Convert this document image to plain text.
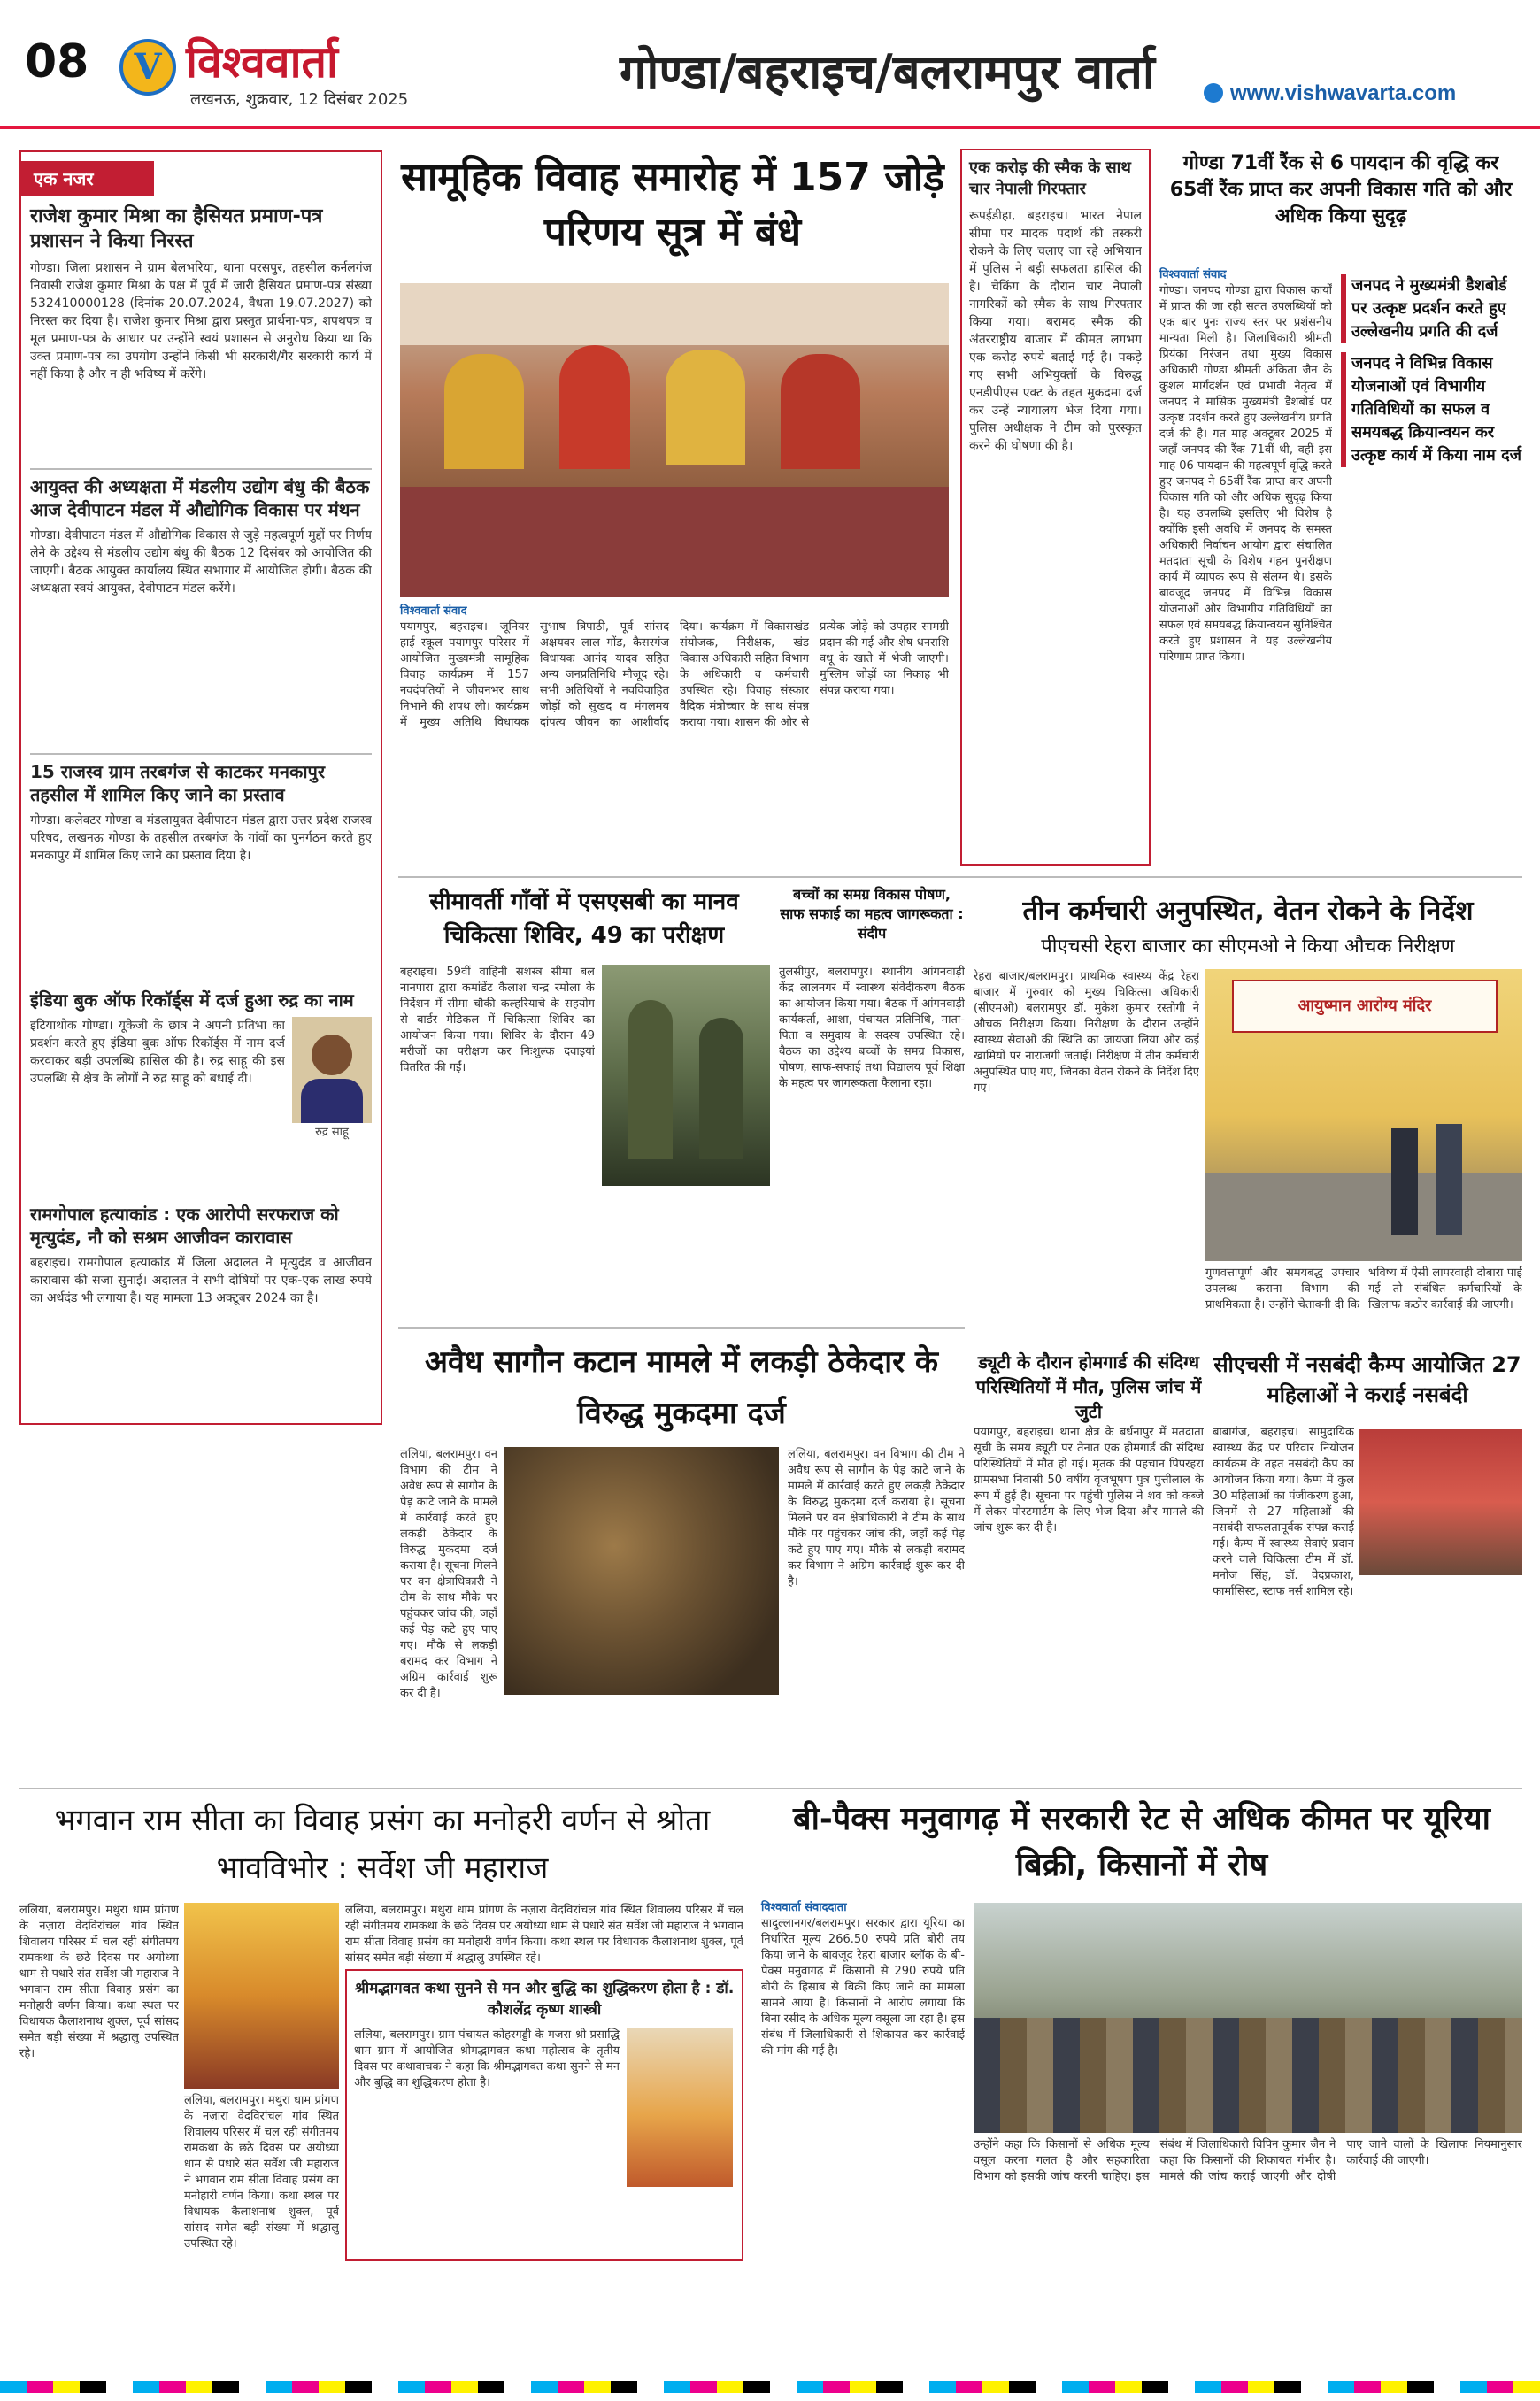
08	V विश्ववार्ता
लखनऊ, शुक्रवार, 12 दिसंबर 2025	गोण्डा/बहराइच/बलरामपुर वार्ता	www.vishwavarta.com
एक नजर
राजेश कुमार मिश्रा का हैसियत प्रमाण-पत्र प्रशासन ने किया निरस्त
गोण्डा। जिला प्रशासन ने ग्राम बेलभरिया, थाना परसपुर, तहसील कर्नलगंज निवासी राजेश कुमार मिश्रा के पक्ष में पूर्व में जारी हैसियत प्रमाण-पत्र संख्या 532410000128 (दिनांक 20.07.2024, वैधता 19.07.2027) को निरस्त कर दिया है। राजेश कुमार मिश्रा द्वारा प्रस्तुत प्रार्थना-पत्र, शपथपत्र व मूल प्रमाण-पत्र के आधार पर उन्होंने स्वयं प्रशासन से अनुरोध किया था कि उक्त प्रमाण-पत्र का उपयोग उन्होंने किसी भी सरकारी/गैर सरकारी कार्य में नहीं किया है और न ही भविष्य में करेंगे।
आयुक्त की अध्यक्षता में मंडलीय उद्योग बंधु की बैठक आज देवीपाटन मंडल में औद्योगिक विकास पर मंथन
गोण्डा। देवीपाटन मंडल में औद्योगिक विकास से जुड़े महत्वपूर्ण मुद्दों पर निर्णय लेने के उद्देश्य से मंडलीय उद्योग बंधु की बैठक 12 दिसंबर को आयोजित की जाएगी। बैठक आयुक्त कार्यालय स्थित सभागार में आयोजित होगी। बैठक की अध्यक्षता स्वयं आयुक्त, देवीपाटन मंडल करेंगे।
15 राजस्व ग्राम तरबगंज से काटकर मनकापुर तहसील में शामिल किए जाने का प्रस्ताव
गोण्डा। कलेक्टर गोण्डा व मंडलायुक्त देवीपाटन मंडल द्वारा उत्तर प्रदेश राजस्व परिषद, लखनऊ गोण्डा के तहसील तरबगंज के गांवों का पुनर्गठन करते हुए मनकापुर में शामिल किए जाने का प्रस्ताव दिया है।
इंडिया बुक ऑफ रिकॉर्ड्स में दर्ज हुआ रुद्र का नाम
इटियाथोक गोण्डा। यूकेजी के छात्र ने अपनी प्रतिभा का प्रदर्शन करते हुए इंडिया बुक ऑफ रिकॉर्ड्स में नाम दर्ज करवाकर बड़ी उपलब्धि हासिल की है। रुद्र साहू की इस उपलब्धि से क्षेत्र के लोगों ने रुद्र साहू को बधाई दी।
रुद्र साहू
रामगोपाल हत्याकांड : एक आरोपी सरफराज को मृत्युदंड, नौ को सश्रम आजीवन कारावास
बहराइच। रामगोपाल हत्याकांड में जिला अदालत ने मृत्युदंड व आजीवन कारावास की सजा सुनाई। अदालत ने सभी दोषियों पर एक-एक लाख रुपये का अर्थदंड भी लगाया है। यह मामला 13 अक्टूबर 2024 का है।
सामूहिक विवाह समारोह में 157 जोड़े परिणय सूत्र में बंधे
विश्ववार्ता संवाद
पयागपुर, बहराइच। जूनियर हाई स्कूल पयागपुर परिसर में आयोजित मुख्यमंत्री सामूहिक विवाह कार्यक्रम में 157 नवदंपतियों ने जीवनभर साथ निभाने की शपथ ली। कार्यक्रम में मुख्य अतिथि विधायक सुभाष त्रिपाठी, पूर्व सांसद अक्षयवर लाल गोंड, कैसरगंज विधायक आनंद यादव सहित अन्य जनप्रतिनिधि मौजूद रहे। सभी अतिथियों ने नवविवाहित जोड़ों को सुखद व मंगलमय दांपत्य जीवन का आशीर्वाद दिया। कार्यक्रम में विकासखंड संयोजक, निरीक्षक, खंड विकास अधिकारी सहित विभाग के अधिकारी व कर्मचारी उपस्थित रहे। विवाह संस्कार वैदिक मंत्रोच्चार के साथ संपन्न कराया गया। शासन की ओर से प्रत्येक जोड़े को उपहार सामग्री प्रदान की गई और शेष धनराशि वधू के खाते में भेजी जाएगी। मुस्लिम जोड़ों का निकाह भी संपन्न कराया गया।
एक करोड़ की स्मैक के साथ चार नेपाली गिरफ्तार
रूपईडीहा, बहराइच। भारत नेपाल सीमा पर मादक पदार्थ की तस्करी रोकने के लिए चलाए जा रहे अभियान में पुलिस ने बड़ी सफलता हासिल की है। चेकिंग के दौरान चार नेपाली नागरिकों को स्मैक के साथ गिरफ्तार किया गया। बरामद स्मैक की अंतरराष्ट्रीय बाजार में कीमत लगभग एक करोड़ रुपये बताई गई है। पकड़े गए सभी अभियुक्तों के विरुद्ध एनडीपीएस एक्ट के तहत मुकदमा दर्ज कर उन्हें न्यायालय भेज दिया गया। पुलिस अधीक्षक ने टीम को पुरस्कृत करने की घोषणा की है।
गोण्डा 71वीं रैंक से 6 पायदान की वृद्धि कर 65वीं रैंक प्राप्त कर अपनी विकास गति को और अधिक किया सुदृढ़
विश्ववार्ता संवाद
गोण्डा। जनपद गोण्डा द्वारा विकास कार्यों में प्राप्त की जा रही सतत उपलब्धियों को एक बार पुनः राज्य स्तर पर प्रशंसनीय मान्यता मिली है। जिलाधिकारी श्रीमती प्रियंका निरंजन तथा मुख्य विकास अधिकारी गोण्डा श्रीमती अंकिता जैन के कुशल मार्गदर्शन एवं प्रभावी नेतृत्व में जनपद ने मासिक मुख्यमंत्री डैशबोर्ड पर उत्कृष्ट प्रदर्शन करते हुए उल्लेखनीय प्रगति दर्ज की है। गत माह अक्टूबर 2025 में जहाँ जनपद की रैंक 71वीं थी, वहीं इस माह 06 पायदान की महत्वपूर्ण वृद्धि करते हुए जनपद ने 65वीं रैंक प्राप्त कर अपनी विकास गति को और अधिक सुदृढ़ किया है। यह उपलब्धि इसलिए भी विशेष है क्योंकि इसी अवधि में जनपद के समस्त अधिकारी निर्वाचन आयोग द्वारा संचालित मतदाता सूची के विशेष गहन पुनरीक्षण कार्य में व्यापक रूप से संलग्न थे। इसके बावजूद जनपद में विभिन्न विकास योजनाओं और विभागीय गतिविधियों का सफल एवं समयबद्ध क्रियान्वयन सुनिश्चित करते हुए प्रशासन ने यह उल्लेखनीय परिणाम प्राप्त किया।
जनपद ने मुख्यमंत्री डैशबोर्ड पर उत्कृष्ट प्रदर्शन करते हुए उल्लेखनीय प्रगति की दर्ज
जनपद ने विभिन्न विकास योजनाओं एवं विभागीय गतिविधियों का सफल व समयबद्ध क्रियान्वयन कर उत्कृष्ट कार्य में किया नाम दर्ज
सीमावर्ती गाँवों में एसएसबी का मानव चिकित्सा शिविर, 49 का परीक्षण
बहराइच। 59वीं वाहिनी सशस्त्र सीमा बल नानपारा द्वारा कमांडेंट कैलाश चन्द्र रमोला के निर्देशन में सीमा चौकी कल्हरियाचे के सहयोग से बार्डर मेडिकल में चिकित्सा शिविर का आयोजन किया गया। शिविर के दौरान 49 मरीजों का परीक्षण कर निःशुल्क दवाइयां वितरित की गईं।
बच्चों का समग्र विकास पोषण, साफ सफाई का महत्व जागरूकता : संदीप
तुलसीपुर, बलरामपुर। स्थानीय आंगनवाड़ी केंद्र लालनगर में स्वास्थ्य संवेदीकरण बैठक का आयोजन किया गया। बैठक में आंगनवाड़ी कार्यकर्ता, आशा, पंचायत प्रतिनिधि, माता-पिता व समुदाय के सदस्य उपस्थित रहे। बैठक का उद्देश्य बच्चों के समग्र विकास, पोषण, साफ-सफाई तथा विद्यालय पूर्व शिक्षा के महत्व पर जागरूकता फैलाना रहा।
तीन कर्मचारी अनुपस्थित, वेतन रोकने के निर्देश
पीएचसी रेहरा बाजार का सीएमओ ने किया औचक निरीक्षण
रेहरा बाजार/बलरामपुर। प्राथमिक स्वास्थ्य केंद्र रेहरा बाजार में गुरुवार को मुख्य चिकित्सा अधिकारी (सीएमओ) बलरामपुर डॉ. मुकेश कुमार रस्तोगी ने औचक निरीक्षण किया। निरीक्षण के दौरान उन्होंने स्वास्थ्य सेवाओं की स्थिति का जायजा लिया और कई खामियों पर नाराजगी जताई। निरीक्षण में तीन कर्मचारी अनुपस्थित पाए गए, जिनका वेतन रोकने के निर्देश दिए गए।
आयुष्मान आरोग्य मंदिर
गुणवत्तापूर्ण और समयबद्ध उपचार उपलब्ध कराना विभाग की प्राथमिकता है। उन्होंने चेतावनी दी कि भविष्य में ऐसी लापरवाही दोबारा पाई गई तो संबंधित कर्मचारियों के खिलाफ कठोर कार्रवाई की जाएगी।
अवैध सागौन कटान मामले में लकड़ी ठेकेदार के विरुद्ध मुकदमा दर्ज
ललिया, बलरामपुर। वन विभाग की टीम ने अवैध रूप से सागौन के पेड़ काटे जाने के मामले में कार्रवाई करते हुए लकड़ी ठेकेदार के विरुद्ध मुकदमा दर्ज कराया है। सूचना मिलने पर वन क्षेत्राधिकारी ने टीम के साथ मौके पर पहुंचकर जांच की, जहाँ कई पेड़ कटे हुए पाए गए। मौके से लकड़ी बरामद कर विभाग ने अग्रिम कार्रवाई शुरू कर दी है।
ललिया, बलरामपुर। वन विभाग की टीम ने अवैध रूप से सागौन के पेड़ काटे जाने के मामले में कार्रवाई करते हुए लकड़ी ठेकेदार के विरुद्ध मुकदमा दर्ज कराया है। सूचना मिलने पर वन क्षेत्राधिकारी ने टीम के साथ मौके पर पहुंचकर जांच की, जहाँ कई पेड़ कटे हुए पाए गए। मौके से लकड़ी बरामद कर विभाग ने अग्रिम कार्रवाई शुरू कर दी है।
ड्यूटी के दौरान होमगार्ड की संदिग्ध परिस्थितियों में मौत, पुलिस जांच में जुटी
पयागपुर, बहराइच। थाना क्षेत्र के बर्धनापुर में मतदाता सूची के समय ड्यूटी पर तैनात एक होमगार्ड की संदिग्ध परिस्थितियों में मौत हो गई। मृतक की पहचान पिपरहरा ग्रामसभा निवासी 50 वर्षीय वृजभूषण पुत्र पुत्तीलाल के रूप में हुई है। सूचना पर पहुंची पुलिस ने शव को कब्जे में लेकर पोस्टमार्टम के लिए भेज दिया और मामले की जांच शुरू कर दी है।
सीएचसी में नसबंदी कैम्प आयोजित 27 महिलाओं ने कराई नसबंदी
बाबागंज, बहराइच। सामुदायिक स्वास्थ्य केंद्र पर परिवार नियोजन कार्यक्रम के तहत नसबंदी कैंप का आयोजन किया गया। कैम्प में कुल 30 महिलाओं का पंजीकरण हुआ, जिनमें से 27 महिलाओं की नसबंदी सफलतापूर्वक संपन्न कराई गई। कैम्प में स्वास्थ्य सेवाएं प्रदान करने वाले चिकित्सा टीम में डॉ. मनोज सिंह, डॉ. वेदप्रकाश, फार्मासिस्ट, स्टाफ नर्स शामिल रहे।
भगवान राम सीता का विवाह प्रसंग का मनोहरी वर्णन से श्रोता भावविभोर : सर्वेश जी महाराज
ललिया, बलरामपुर। मथुरा धाम प्रांगण के नज़ारा वेदविरांचल गांव स्थित शिवालय परिसर में चल रही संगीतमय रामकथा के छठे दिवस पर अयोध्या धाम से पधारे संत सर्वेश जी महाराज ने भगवान राम सीता विवाह प्रसंग का मनोहारी वर्णन किया। कथा स्थल पर विधायक कैलाशनाथ शुक्ल, पूर्व सांसद समेत बड़ी संख्या में श्रद्धालु उपस्थित रहे।
ललिया, बलरामपुर। मथुरा धाम प्रांगण के नज़ारा वेदविरांचल गांव स्थित शिवालय परिसर में चल रही संगीतमय रामकथा के छठे दिवस पर अयोध्या धाम से पधारे संत सर्वेश जी महाराज ने भगवान राम सीता विवाह प्रसंग का मनोहारी वर्णन किया। कथा स्थल पर विधायक कैलाशनाथ शुक्ल, पूर्व सांसद समेत बड़ी संख्या में श्रद्धालु उपस्थित रहे।
ललिया, बलरामपुर। मथुरा धाम प्रांगण के नज़ारा वेदविरांचल गांव स्थित शिवालय परिसर में चल रही संगीतमय रामकथा के छठे दिवस पर अयोध्या धाम से पधारे संत सर्वेश जी महाराज ने भगवान राम सीता विवाह प्रसंग का मनोहारी वर्णन किया। कथा स्थल पर विधायक कैलाशनाथ शुक्ल, पूर्व सांसद समेत बड़ी संख्या में श्रद्धालु उपस्थित रहे।
श्रीमद्भागवत कथा सुनने से मन और बुद्धि का शुद्धिकरण होता है : डॉ. कौशलेंद्र कृष्ण शास्त्री
ललिया, बलरामपुर। ग्राम पंचायत कोहरगड्डी के मजरा श्री प्रसाद्धि धाम ग्राम में आयोजित श्रीमद्भागवत कथा महोत्सव के तृतीय दिवस पर कथावाचक ने कहा कि श्रीमद्भागवत कथा सुनने से मन और बुद्धि का शुद्धिकरण होता है।
बी-पैक्स मनुवागढ़ में सरकारी रेट से अधिक कीमत पर यूरिया बिक्री, किसानों में रोष
विश्ववार्ता संवाददाता
सादुल्लानगर/बलरामपुर। सरकार द्वारा यूरिया का निर्धारित मूल्य 266.50 रुपये प्रति बोरी तय किया जाने के बावजूद रेहरा बाजार ब्लॉक के बी-पैक्स मनुवागढ़ में किसानों से 290 रुपये प्रति बोरी के हिसाब से बिक्री किए जाने का मामला सामने आया है। किसानों ने आरोप लगाया कि बिना रसीद के अधिक मूल्य वसूला जा रहा है। इस संबंध में जिलाधिकारी से शिकायत कर कार्रवाई की मांग की गई है।
उन्होंने कहा कि किसानों से अधिक मूल्य वसूल करना गलत है और सहकारिता विभाग को इसकी जांच करनी चाहिए। इस संबंध में जिलाधिकारी विपिन कुमार जैन ने कहा कि किसानों की शिकायत गंभीर है। मामले की जांच कराई जाएगी और दोषी पाए जाने वालों के खिलाफ नियमानुसार कार्रवाई की जाएगी।
